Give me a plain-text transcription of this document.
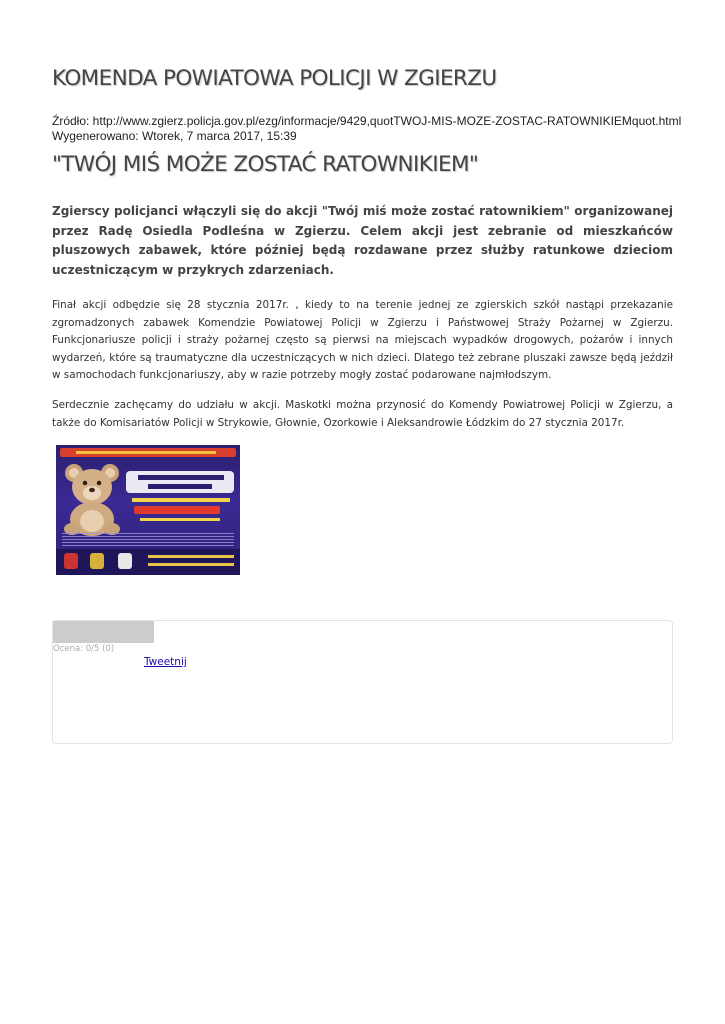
KOMENDA POWIATOWA POLICJI W ZGIERZU
Źródło: http://www.zgierz.policja.gov.pl/ezg/informacje/9429,quotTWOJ-MIS-MOZE-ZOSTAC-RATOWNIKIEMquot.html
Wygenerowano: Wtorek, 7 marca 2017, 15:39
"TWÓJ MIŚ MOŻE ZOSTAĆ RATOWNIKIEM"

Zgierscy policjanci włączyli się do akcji "Twój miś może zostać ratownikiem" organizowanej przez Radę Osiedla Podleśna w Zgierzu. Celem akcji jest zebranie od mieszkańców pluszowych zabawek, które później będą rozdawane przez służby ratunkowe dzieciom uczestniczącym w przykrych zdarzeniach.

Finał akcji odbędzie się 28 stycznia 2017r. , kiedy to na terenie jednej ze zgierskich szkół nastąpi przekazanie zgromadzonych zabawek Komendzie Powiatowej Policji w Zgierzu i Państwowej Straży Pożarnej w Zgierzu. Funkcjonariusze policji i straży pożarnej często są pierwsi na miejscach wypadków drogowych, pożarów i innych wydarzeń, które są traumatyczne dla uczestniczących w nich dzieci. Dlatego też zebrane pluszaki zawsze będą jeździł w samochodach funkcjonariuszy, aby w razie potrzeby mogły zostać podarowane najmłodszym.

Serdecznie zachęcamy do udziału w akcji. Maskotki można przynosić do Komendy Powiatrowej Policji w Zgierzu, a także do Komisariatów Policji w Strykowie, Głownie, Ozorkowie i Aleksandrowie Łódzkim do 27 stycznia 2017r.

Ocena: 0/5 (0)
Tweetnij
